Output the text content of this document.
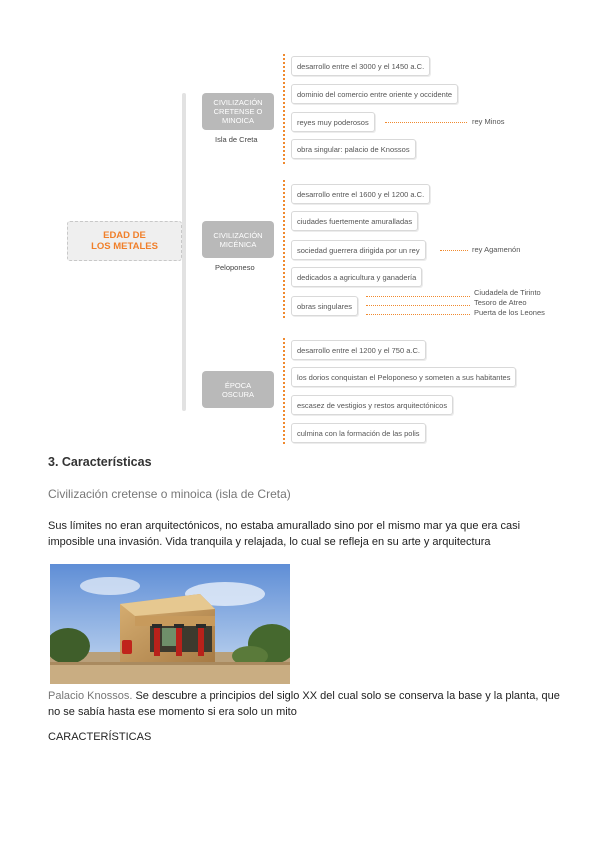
EDAD DE
LOS METALES
CIVILIZACIÓN
CRETENSE O
MINOICA
Isla de Creta
desarrollo entre el 3000 y el 1450 a.C.
dominio del comercio entre oriente y occidente
reyes muy poderosos	rey Minos
obra singular: palacio de Knossos
CIVILIZACIÓN
MICÉNICA
Peloponeso
desarrollo entre el 1600 y el 1200 a.C.
ciudades fuertemente amuralladas
sociedad guerrera dirigida por un rey	rey Agamenón
dedicados a agricultura y ganadería
obras singulares
Ciudadela de Tirinto
Tesoro de Atreo
Puerta de los Leones
ÉPOCA
OSCURA
desarrollo entre el 1200 y el 750 a.C.
los dorios conquistan el Peloponeso y someten a sus habitantes
escasez de vestigios y restos arquitectónicos
culmina con la formación de las polis
3. Características
Civilización cretense o minoica (isla de Creta)
Sus límites no eran arquitectónicos, no estaba amurallado sino por el mismo mar ya que era casi imposible una invasión. Vida tranquila y relajada, lo cual se refleja en su arte y arquitectura
Palacio Knossos. Se descubre a principios del siglo XX del cual solo se conserva la base y la planta, que no se sabía hasta ese momento si era solo un mito
CARACTERÍSTICAS
